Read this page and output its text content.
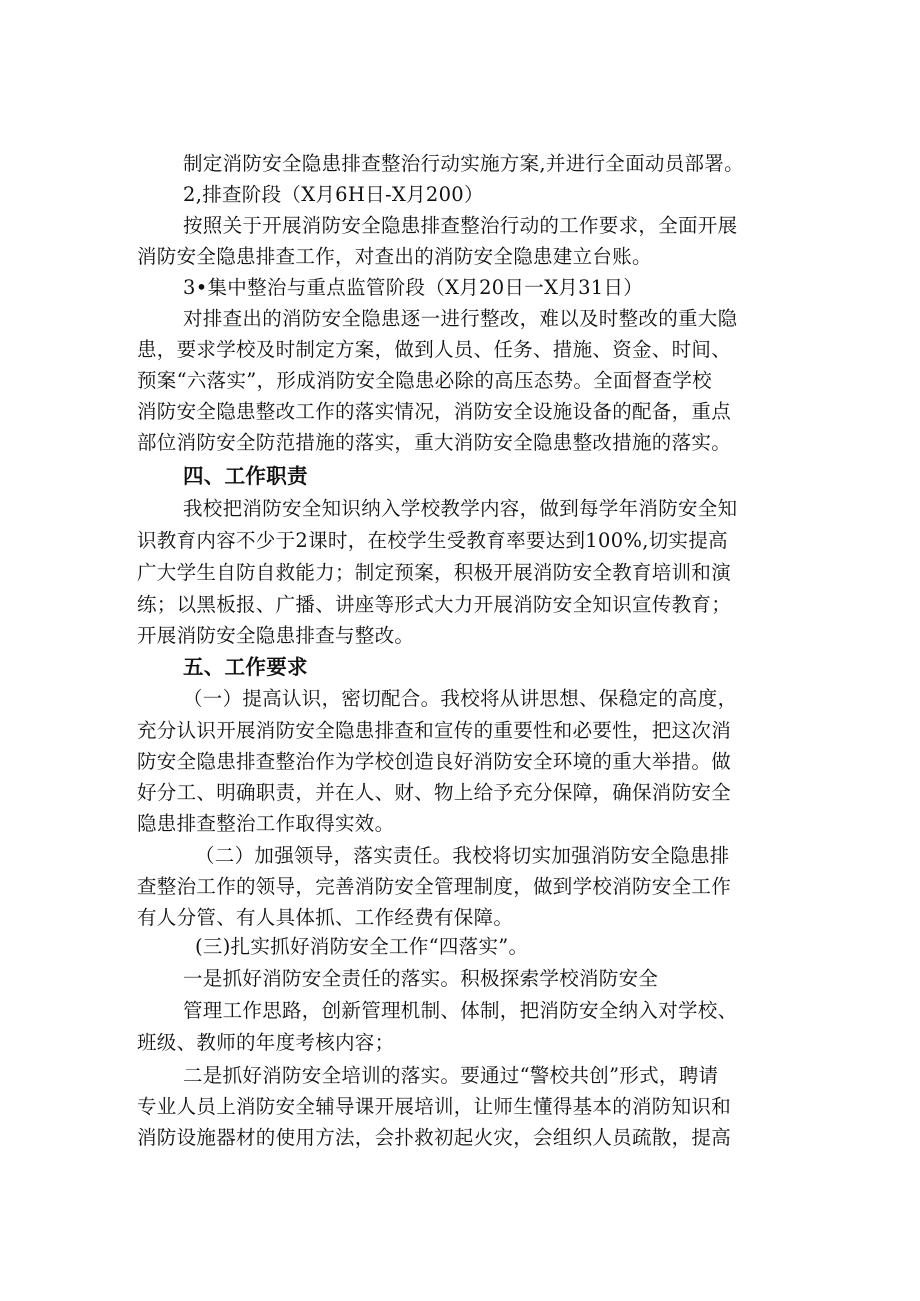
制定消防安全隐患排查整治行动实施方案,并进行全面动员部署。
2,排查阶段（X月6H日-X月200）
按照关于开展消防安全隐患排查整治行动的工作要求，全面开展
消防安全隐患排查工作，对查出的消防安全隐患建立台账。
3•集中整治与重点监管阶段（X月20日一X月31日）
对排查出的消防安全隐患逐一进行整改，难以及时整改的重大隐
患，要求学校及时制定方案，做到人员、任务、措施、资金、时间、
预案“六落实”，形成消防安全隐患必除的高压态势。全面督查学校
消防安全隐患整改工作的落实情况，消防安全设施设备的配备，重点
部位消防安全防范措施的落实，重大消防安全隐患整改措施的落实。
四、工作职责
我校把消防安全知识纳入学校教学内容，做到每学年消防安全知
识教育内容不少于2课时，在校学生受教育率要达到100%,切实提高
广大学生自防自救能力；制定预案，积极开展消防安全教育培训和演
练；以黑板报、广播、讲座等形式大力开展消防安全知识宣传教育；
开展消防安全隐患排查与整改。
五、工作要求
（一）提高认识，密切配合。我校将从讲思想、保稳定的高度，
充分认识开展消防安全隐患排查和宣传的重要性和必要性，把这次消
防安全隐患排查整治作为学校创造良好消防安全环境的重大举措。做
好分工、明确职责，并在人、财、物上给予充分保障，确保消防安全
隐患排查整治工作取得实效。
（二）加强领导，落实责任。我校将切实加强消防安全隐患排
查整治工作的领导，完善消防安全管理制度，做到学校消防安全工作
有人分管、有人具体抓、工作经费有保障。
(三)扎实抓好消防安全工作“四落实”。
一是抓好消防安全责任的落实。积极探索学校消防安全
管理工作思路，创新管理机制、体制，把消防安全纳入对学校、
班级、教师的年度考核内容；
二是抓好消防安全培训的落实。要通过“警校共创”形式，聘请
专业人员上消防安全辅导课开展培训，让师生懂得基本的消防知识和
消防设施器材的使用方法，会扑救初起火灾，会组织人员疏散，提高
